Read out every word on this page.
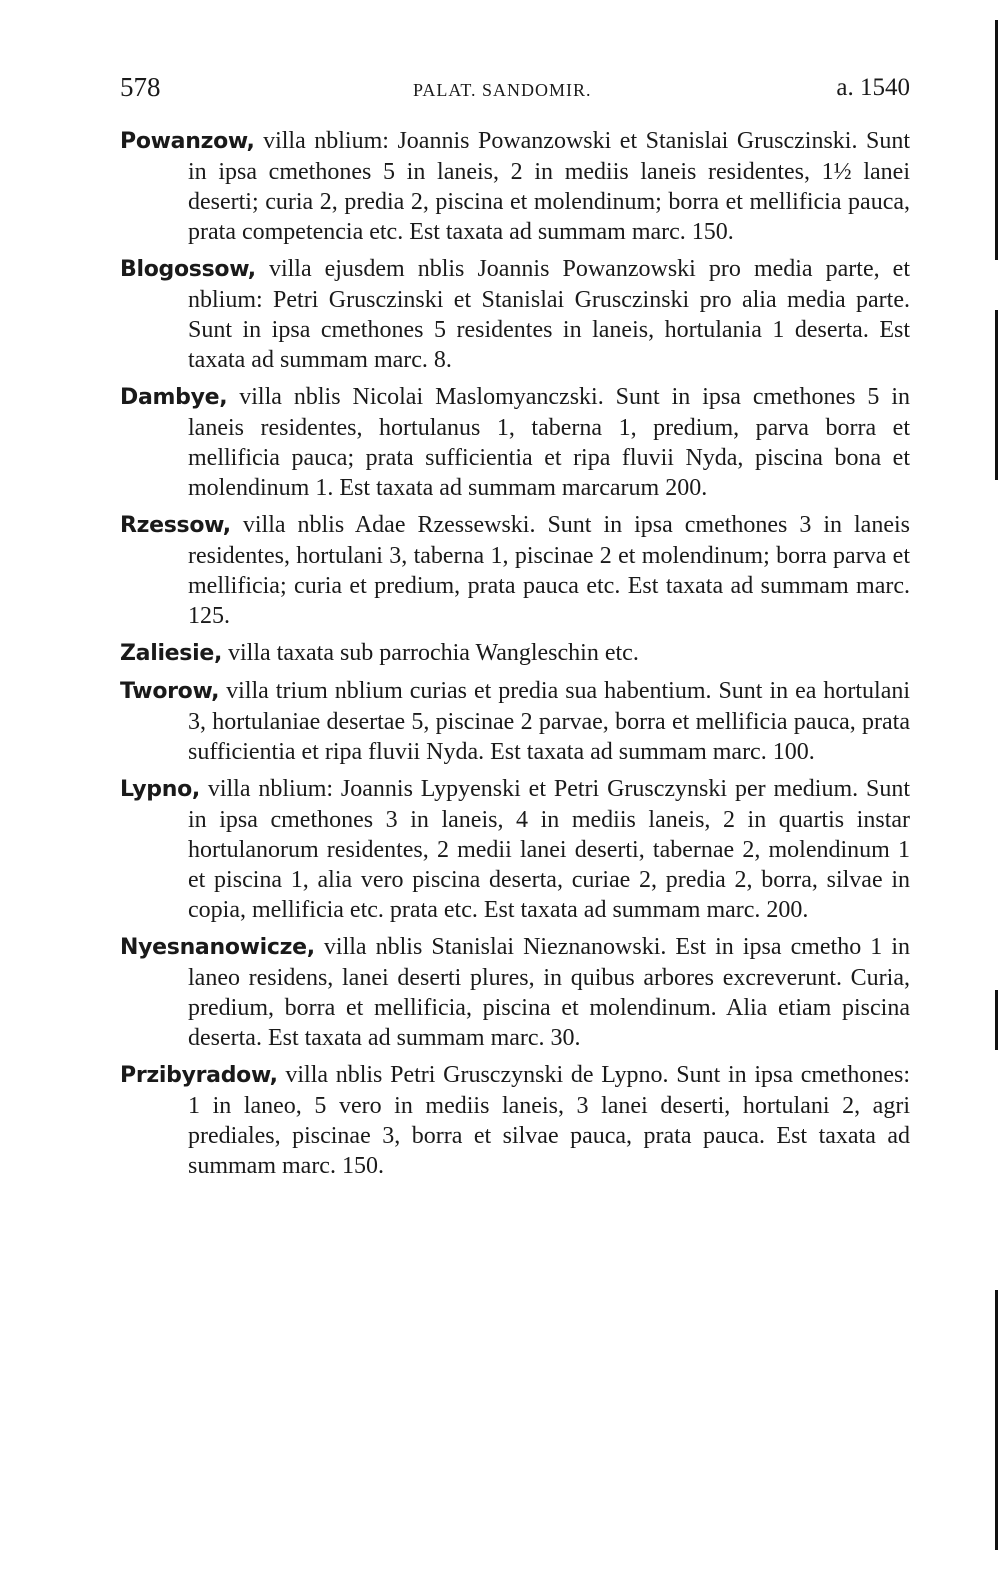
578	PALAT. SANDOMIR.	a. 1540

Powanzow, villa nblium: Joannis Powanzowski et Stanislai Grusczinski. Sunt in ipsa cmethones 5 in laneis, 2 in mediis laneis residentes, 1½ lanei deserti; curia 2, predia 2, piscina et molendinum; borra et mellificia pauca, prata competencia etc. Est taxata ad summam marc. 150.

Blogossow, villa ejusdem nblis Joannis Powanzowski pro media parte, et nblium: Petri Grusczinski et Stanislai Grusczinski pro alia media parte. Sunt in ipsa cmethones 5 residentes in laneis, hortulania 1 deserta. Est taxata ad summam marc. 8.

Dambye, villa nblis Nicolai Maslomyanczski. Sunt in ipsa cmethones 5 in laneis residentes, hortulanus 1, taberna 1, predium, parva borra et mellificia pauca; prata sufficientia et ripa fluvii Nyda, piscina bona et molendinum 1. Est taxata ad summam marcarum 200.

Rzessow, villa nblis Adae Rzessewski. Sunt in ipsa cmethones 3 in laneis residentes, hortulani 3, taberna 1, piscinae 2 et molendinum; borra parva et mellificia; curia et predium, prata pauca etc. Est taxata ad summam marc. 125.

Zaliesie, villa taxata sub parrochia Wangleschin etc.

Tworow, villa trium nblium curias et predia sua habentium. Sunt in ea hortulani 3, hortulaniae desertae 5, piscinae 2 parvae, borra et mellificia pauca, prata sufficientia et ripa fluvii Nyda. Est taxata ad summam marc. 100.

Lypno, villa nblium: Joannis Lypyenski et Petri Grusczynski per medium. Sunt in ipsa cmethones 3 in laneis, 4 in mediis laneis, 2 in quartis instar hortulanorum residentes, 2 medii lanei deserti, tabernae 2, molendinum 1 et piscina 1, alia vero piscina deserta, curiae 2, predia 2, borra, silvae in copia, mellificia etc. prata etc. Est taxata ad summam marc. 200.

Nyesnanowicze, villa nblis Stanislai Nieznanowski. Est in ipsa cmetho 1 in laneo residens, lanei deserti plures, in quibus arbores excreverunt. Curia, predium, borra et mellificia, piscina et molendinum. Alia etiam piscina deserta. Est taxata ad summam marc. 30.

Przibyradow, villa nblis Petri Grusczynski de Lypno. Sunt in ipsa cmethones: 1 in laneo, 5 vero in mediis laneis, 3 lanei deserti, hortulani 2, agri prediales, piscinae 3, borra et silvae pauca, prata pauca. Est taxata ad summam marc. 150.
